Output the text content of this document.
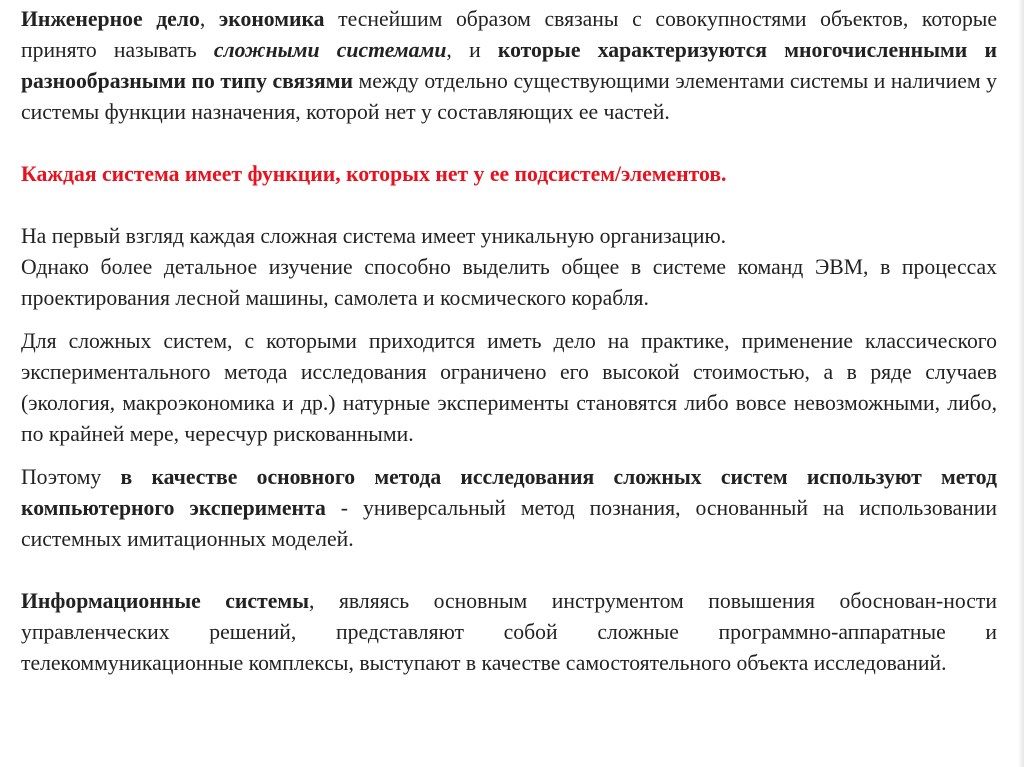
Инженерное дело, экономика теснейшим образом связаны с совокупностями объектов, которые принято называть сложными системами, и которые характеризуются многочисленными и разнообразными по типу связями между отдельно существующими элементами системы и наличием у системы функции назначения, которой нет у составляющих ее частей.

Каждая система имеет функции, которых нет у ее подсистем/элементов.

На первый взгляд каждая сложная система имеет уникальную организацию.

Однако более детальное изучение способно выделить общее в системе команд ЭВМ, в процессах проектирования лесной машины, самолета и космического корабля.

Для сложных систем, с которыми приходится иметь дело на практике, применение классического экспериментального метода исследования ограничено его высокой стоимостью, а в ряде случаев (экология, макроэкономика и др.) натурные эксперименты становятся либо вовсе невозможными, либо, по крайней мере, чересчур рискованными.

Поэтому в качестве основного метода исследования сложных систем используют метод компьютерного эксперимента - универсальный метод познания, основанный на использовании системных имитационных моделей.

Информационные системы, являясь основным инструментом повышения обоснован-ности управленческих решений, представляют собой сложные программно-аппаратные и телекоммуникационные комплексы, выступают в качестве самостоятельного объекта исследований.
